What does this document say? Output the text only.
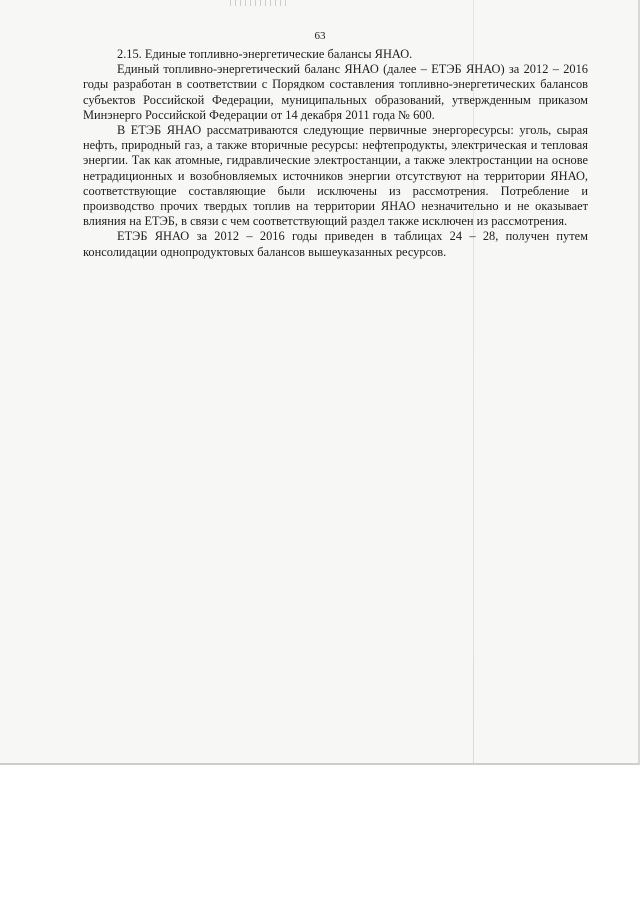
63

2.15. Единые топливно-энергетические балансы ЯНАО.

Единый топливно-энергетический баланс ЯНАО (далее – ЕТЭБ ЯНАО) за 2012 – 2016 годы разработан в соответствии с Порядком составления топливно-энергетических балансов субъектов Российской Федерации, муниципальных образований, утвержденным приказом Минэнерго Российской Федерации от 14 декабря 2011 года № 600.

В ЕТЭБ ЯНАО рассматриваются следующие первичные энергоресурсы: уголь, сырая нефть, природный газ, а также вторичные ресурсы: нефтепродукты, электрическая и тепловая энергии. Так как атомные, гидравлические электростанции, а также электростанции на основе нетрадиционных и возобновляемых источников энергии отсутствуют на территории ЯНАО, соответствующие составляющие были исключены из рассмотрения. Потребление и производство прочих твердых топлив на территории ЯНАО незначительно и не оказывает влияния на ЕТЭБ, в связи с чем соответствующий раздел также исключен из рассмотрения.

ЕТЭБ ЯНАО за 2012 – 2016 годы приведен в таблицах 24 – 28, получен путем консолидации однопродуктовых балансов вышеуказанных ресурсов.
